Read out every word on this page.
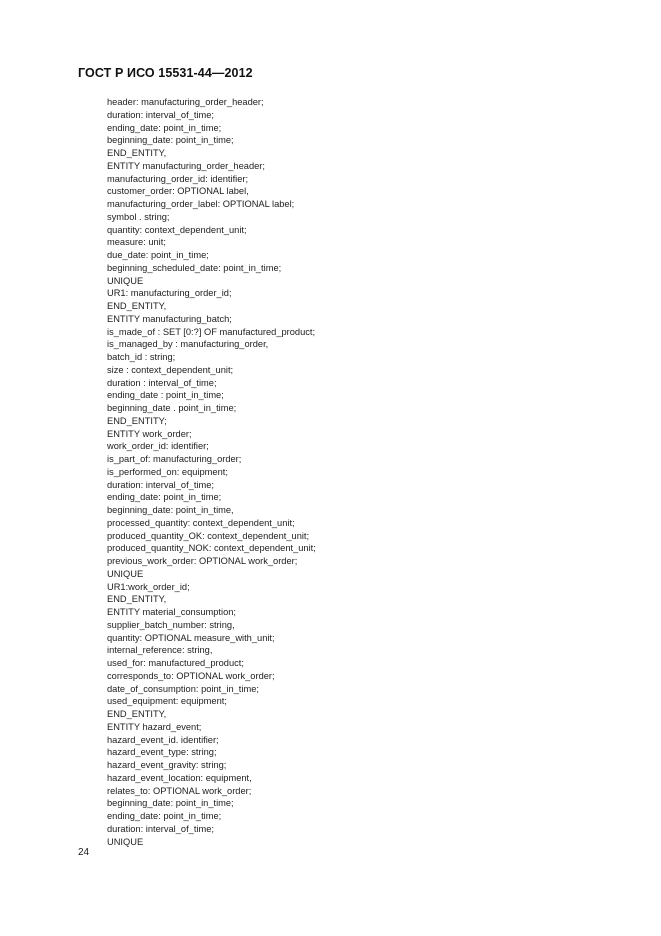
ГОСТ Р ИСО 15531-44—2012
header: manufacturing_order_header;
duration: interval_of_time;
ending_date: point_in_time;
beginning_date: point_in_time;
END_ENTITY,
ENTITY manufacturing_order_header;
manufacturing_order_id: identifier;
customer_order: OPTIONAL label,
manufacturing_order_label: OPTIONAL label;
symbol . string;
quantity: context_dependent_unit;
measure: unit;
due_date: point_in_time;
beginning_scheduled_date: point_in_time;
UNIQUE
UR1: manufacturing_order_id;
END_ENTITY,
ENTITY manufacturing_batch;
is_made_of : SET [0:?] OF manufactured_product;
is_managed_by : manufacturing_order,
batch_id : string;
size : context_dependent_unit;
duration : interval_of_time;
ending_date : point_in_time;
beginning_date . point_in_time;
END_ENTITY;
ENTITY work_order;
work_order_id: identifier;
is_part_of: manufacturing_order;
is_performed_on: equipment;
duration: interval_of_time;
ending_date: point_in_time;
beginning_date: point_in_time,
processed_quantity: context_dependent_unit;
produced_quantity_OK: context_dependent_unit;
produced_quantity_NOK: context_dependent_unit;
previous_work_order: OPTIONAL work_order;
UNIQUE
UR1:work_order_id;
END_ENTITY,
ENTITY material_consumption;
supplier_batch_number: string,
quantity: OPTIONAL measure_with_unit;
internal_reference: string,
used_for: manufactured_product;
corresponds_to: OPTIONAL work_order;
date_of_consumption: point_in_time;
used_equipment: equipment;
END_ENTITY,
ENTITY hazard_event;
hazard_event_id. identifier;
hazard_event_type: string;
hazard_event_gravity: string;
hazard_event_location: equipment,
relates_to: OPTIONAL work_order;
beginning_date: point_in_time;
ending_date: point_in_time;
duration: interval_of_time;
UNIQUE
24
